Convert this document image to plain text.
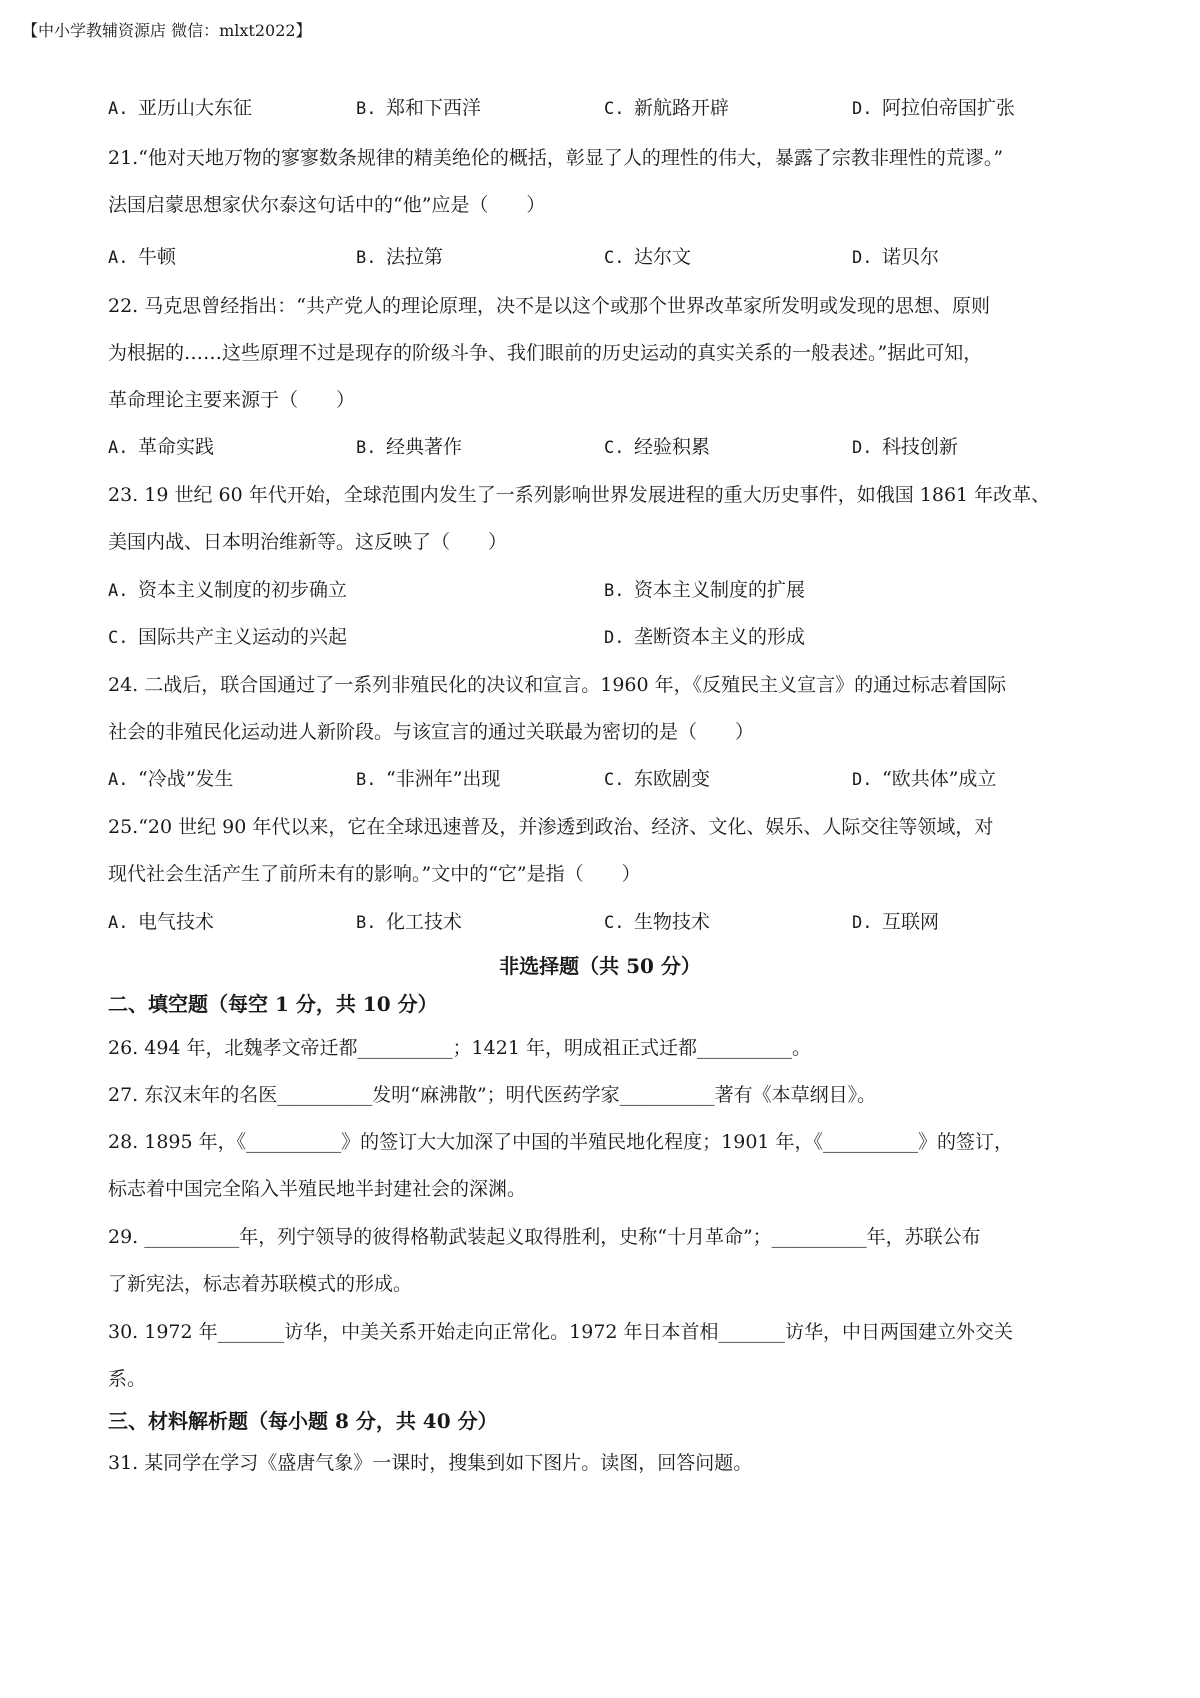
【中小学教辅资源店 微信：mlxt2022】
A. 亚历山大东征	B. 郑和下西洋	C. 新航路开辟	D. 阿拉伯帝国扩张
21.“他对天地万物的寥寥数条规律的精美绝伦的概括，彰显了人的理性的伟大，暴露了宗教非理性的荒谬。”
法国启蒙思想家伏尔泰这句话中的“他”应是（　　）
A. 牛顿	B. 法拉第	C. 达尔文	D. 诺贝尔
22. 马克思曾经指出：“共产党人的理论原理，决不是以这个或那个世界改革家所发明或发现的思想、原则
为根据的……这些原理不过是现存的阶级斗争、我们眼前的历史运动的真实关系的一般表述。”据此可知，
革命理论主要来源于（　　）
A. 革命实践	B. 经典著作	C. 经验积累	D. 科技创新
23. 19 世纪 60 年代开始，全球范围内发生了一系列影响世界发展进程的重大历史事件，如俄国 1861 年改革、
美国内战、日本明治维新等。这反映了（　　）
A. 资本主义制度的初步确立	B. 资本主义制度的扩展
C. 国际共产主义运动的兴起	D. 垄断资本主义的形成
24. 二战后，联合国通过了一系列非殖民化的决议和宣言。1960 年，《反殖民主义宣言》的通过标志着国际
社会的非殖民化运动进人新阶段。与该宣言的通过关联最为密切的是（　　）
A. “冷战”发生	B. “非洲年”出现	C. 东欧剧变	D. “欧共体”成立
25.“20 世纪 90 年代以来，它在全球迅速普及，并渗透到政治、经济、文化、娱乐、人际交往等领域，对
现代社会生活产生了前所未有的影响。”文中的“它”是指（　　）
A. 电气技术	B. 化工技术	C. 生物技术	D. 互联网
非选择题（共 50 分）
二、填空题（每空 1 分，共 10 分）
26. 494 年，北魏孝文帝迁都__________；1421 年，明成祖正式迁都__________。
27. 东汉末年的名医__________发明“麻沸散”；明代医药学家__________著有《本草纲目》。
28. 1895 年，《__________》的签订大大加深了中国的半殖民地化程度；1901 年，《__________》的签订，
标志着中国完全陷入半殖民地半封建社会的深渊。
29. __________年，列宁领导的彼得格勒武装起义取得胜利，史称“十月革命”；__________年，苏联公布
了新宪法，标志着苏联模式的形成。
30. 1972 年_______访华，中美关系开始走向正常化。1972 年日本首相_______访华，中日两国建立外交关
系。
三、材料解析题（每小题 8 分，共 40 分）
31. 某同学在学习《盛唐气象》一课时，搜集到如下图片。读图，回答问题。
